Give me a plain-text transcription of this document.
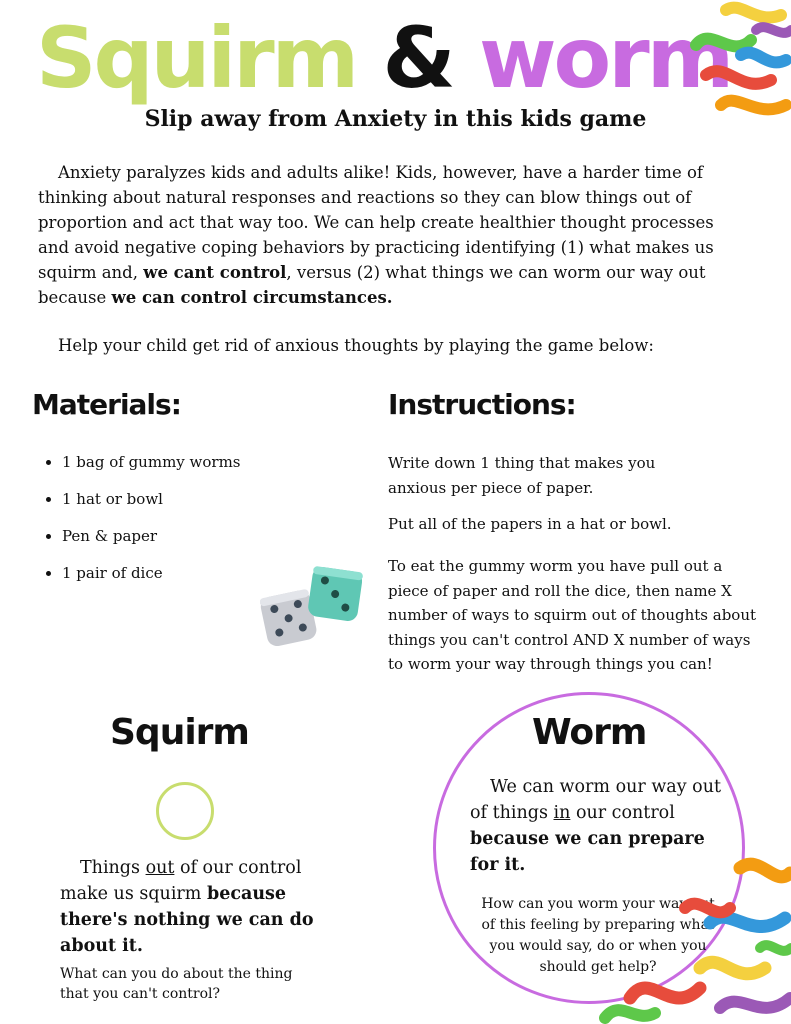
Squirm & worm
Slip away from Anxiety in this kids game

Anxiety paralyzes kids and adults alike! Kids, however, have a harder time of thinking about natural responses and reactions so they can blow things out of proportion and act that way too. We can help create healthier thought processes and avoid negative coping behaviors by practicing identifying (1) what makes us squirm and, we cant control, versus (2) what things we can worm our way out because we can control circumstances.

Help your child get rid of anxious thoughts by playing the game below:
Materials:
• 1 bag of gummy worms
• 1 hat or bowl
• Pen & paper
• 1 pair of dice
Instructions:
Write down 1 thing that makes you anxious per piece of paper.
Put all of the papers in a hat or bowl.
To eat the gummy worm you have pull out a piece of paper and roll the dice, then name X number of ways to squirm out of thoughts about things you can't control AND X number of ways to worm your way through things you can!
Squirm
Things out of our control make us squirm because there's nothing we can do about it.
What can you do about the thing that you can't control?
Worm
We can worm our way out of things in our control because we can prepare for it.
How can you worm your way out of this feeling by preparing what you would say, do or when you should get help?
